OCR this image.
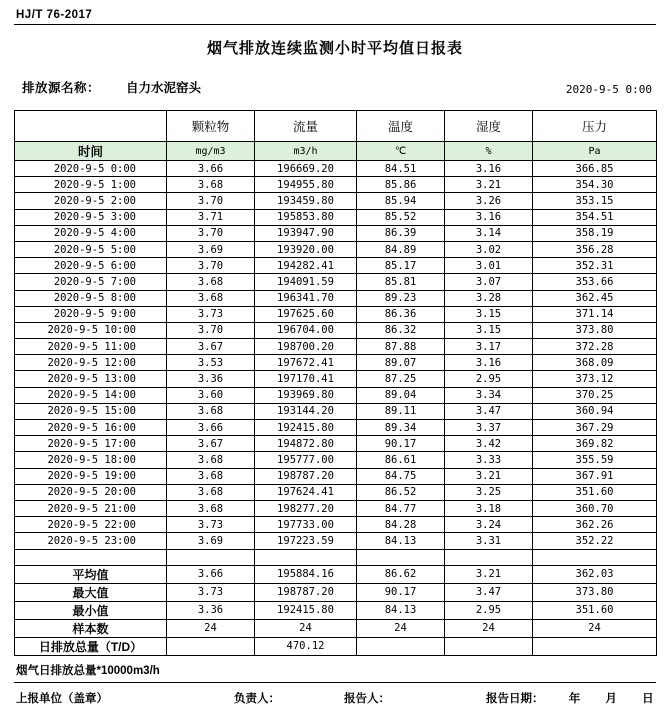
HJ/T 76-2017
烟气排放连续监测小时平均值日报表
排放源名称： 自力水泥窑头	2020-9-5 0:00
	颗粒物	流量	温度	湿度	压力
时间	mg/m3	m3/h	℃	%	Pa
2020-9-5 0:00	3.66	196669.20	84.51	3.16	366.85
2020-9-5 1:00	3.68	194955.80	85.86	3.21	354.30
2020-9-5 2:00	3.70	193459.80	85.94	3.26	353.15
2020-9-5 3:00	3.71	195853.80	85.52	3.16	354.51
2020-9-5 4:00	3.70	193947.90	86.39	3.14	358.19
2020-9-5 5:00	3.69	193920.00	84.89	3.02	356.28
2020-9-5 6:00	3.70	194282.41	85.17	3.01	352.31
2020-9-5 7:00	3.68	194091.59	85.81	3.07	353.66
2020-9-5 8:00	3.68	196341.70	89.23	3.28	362.45
2020-9-5 9:00	3.73	197625.60	86.36	3.15	371.14
2020-9-5 10:00	3.70	196704.00	86.32	3.15	373.80
2020-9-5 11:00	3.67	198700.20	87.88	3.17	372.28
2020-9-5 12:00	3.53	197672.41	89.07	3.16	368.09
2020-9-5 13:00	3.36	197170.41	87.25	2.95	373.12
2020-9-5 14:00	3.60	193969.80	89.04	3.34	370.25
2020-9-5 15:00	3.68	193144.20	89.11	3.47	360.94
2020-9-5 16:00	3.66	192415.80	89.34	3.37	367.29
2020-9-5 17:00	3.67	194872.80	90.17	3.42	369.82
2020-9-5 18:00	3.68	195777.00	86.61	3.33	355.59
2020-9-5 19:00	3.68	198787.20	84.75	3.21	367.91
2020-9-5 20:00	3.68	197624.41	86.52	3.25	351.60
2020-9-5 21:00	3.68	198277.20	84.77	3.18	360.70
2020-9-5 22:00	3.73	197733.00	84.28	3.24	362.26
2020-9-5 23:00	3.69	197223.59	84.13	3.31	352.22

平均值	3.66	195884.16	86.62	3.21	362.03
最大值	3.73	198787.20	90.17	3.47	373.80
最小值	3.36	192415.80	84.13	2.95	351.60
样本数	24	24	24	24	24
日排放总量（T/D）		470.12			
烟气日排放总量*10000m3/h
上报单位（盖章）	负责人：	报告人：	报告日期： 年 月 日
